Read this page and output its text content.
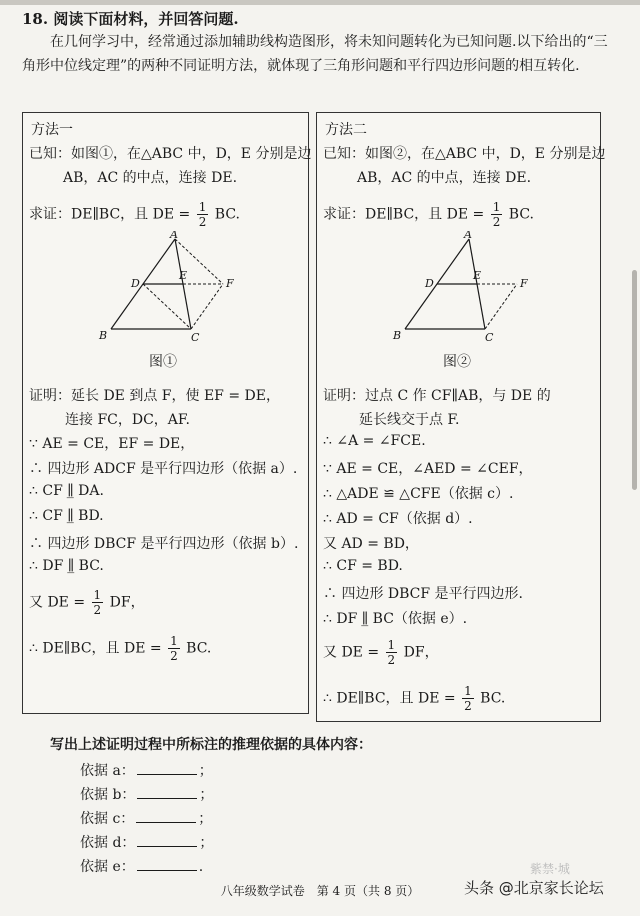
18. 阅读下面材料，并回答问题.
在几何学习中，经常通过添加辅助线构造图形，将未知问题转化为已知问题.以下给出的“三角形中位线定理”的两种不同证明方法，就体现了三角形问题和平行四边形问题的相互转化.
方法一
已知：如图①，在△ABC 中，D，E 分别是边
AB，AC 的中点，连接 DE.
求证：DE∥BC，且 DE = $\frac{1}{2}$ BC.
A
B	C
D
E
F
图①
证明：延长 DE 到点 F，使 EF = DE，
连接 FC，DC，AF.
∵ AE = CE，EF = DE，
∴ 四边形 ADCF 是平行四边形（依据 a）.
∴ CF ∥̲ DA.
∴ CF ∥̲ BD.
∴ 四边形 DBCF 是平行四边形（依据 b）.
∴ DF ∥̲ BC.
又 DE = $\frac{1}{2}$ DF，
∴ DE∥BC，且 DE = $\frac{1}{2}$ BC.
方法二
已知：如图②，在△ABC 中，D，E 分别是边
AB，AC 的中点，连接 DE.
求证：DE∥BC，且 DE = $\frac{1}{2}$ BC.
A
B	C
D
E
F
图②
证明：过点 C 作 CF∥AB，与 DE 的
延长线交于点 F.
∴ ∠A = ∠FCE.
∵ AE = CE，∠AED = ∠CEF，
∴ △ADE ≌ △CFE（依据 c）.
∴ AD = CF（依据 d）.
又 AD = BD，
∴ CF = BD.
∴ 四边形 DBCF 是平行四边形.
∴ DF ∥̲ BC（依据 e）.
又 DE = $\frac{1}{2}$ DF，
∴ DE∥BC，且 DE = $\frac{1}{2}$ BC.
写出上述证明过程中所标注的推理依据的具体内容：
依据 a：	；
依据 b：	；
依据 c：	；
依据 d：	；
依据 e：	.	紫禁·城
八年级数学试卷　第 4 页（共 8 页）	头条 @北京家长论坛
